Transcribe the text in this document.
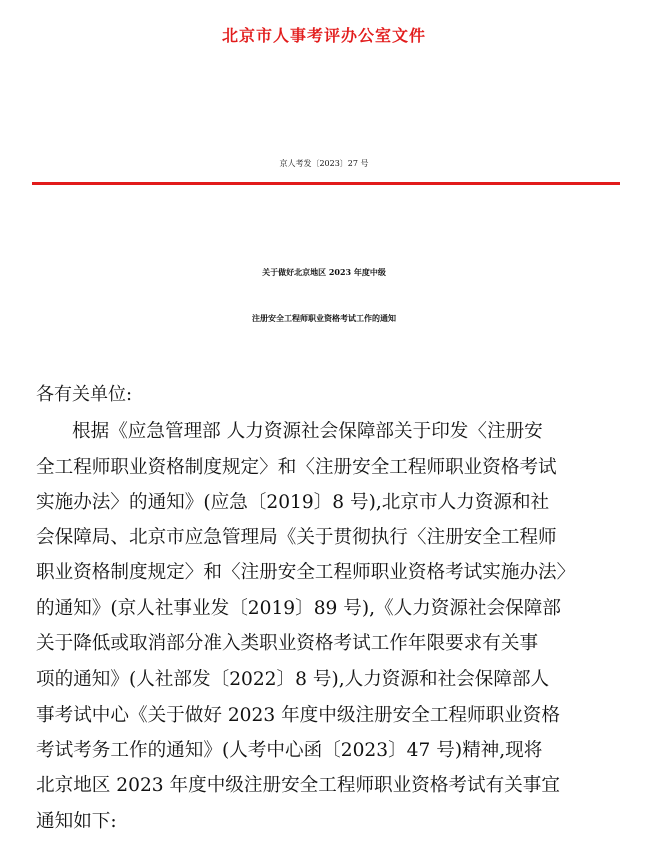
北京市人事考评办公室文件
京人考发〔2023〕27 号
关于做好北京地区 2023 年度中级
注册安全工程师职业资格考试工作的通知
各有关单位:
根据《应急管理部 人力资源社会保障部关于印发〈注册安
全工程师职业资格制度规定〉和〈注册安全工程师职业资格考试
实施办法〉的通知》(应急〔2019〕8 号),北京市人力资源和社
会保障局、北京市应急管理局《关于贯彻执行〈注册安全工程师
职业资格制度规定〉和〈注册安全工程师职业资格考试实施办法〉
的通知》(京人社事业发〔2019〕89 号),《人力资源社会保障部
关于降低或取消部分准入类职业资格考试工作年限要求有关事
项的通知》(人社部发〔2022〕8 号),人力资源和社会保障部人
事考试中心《关于做好 2023 年度中级注册安全工程师职业资格
考试考务工作的通知》(人考中心函〔2023〕47 号)精神,现将
北京地区 2023 年度中级注册安全工程师职业资格考试有关事宜
通知如下:
